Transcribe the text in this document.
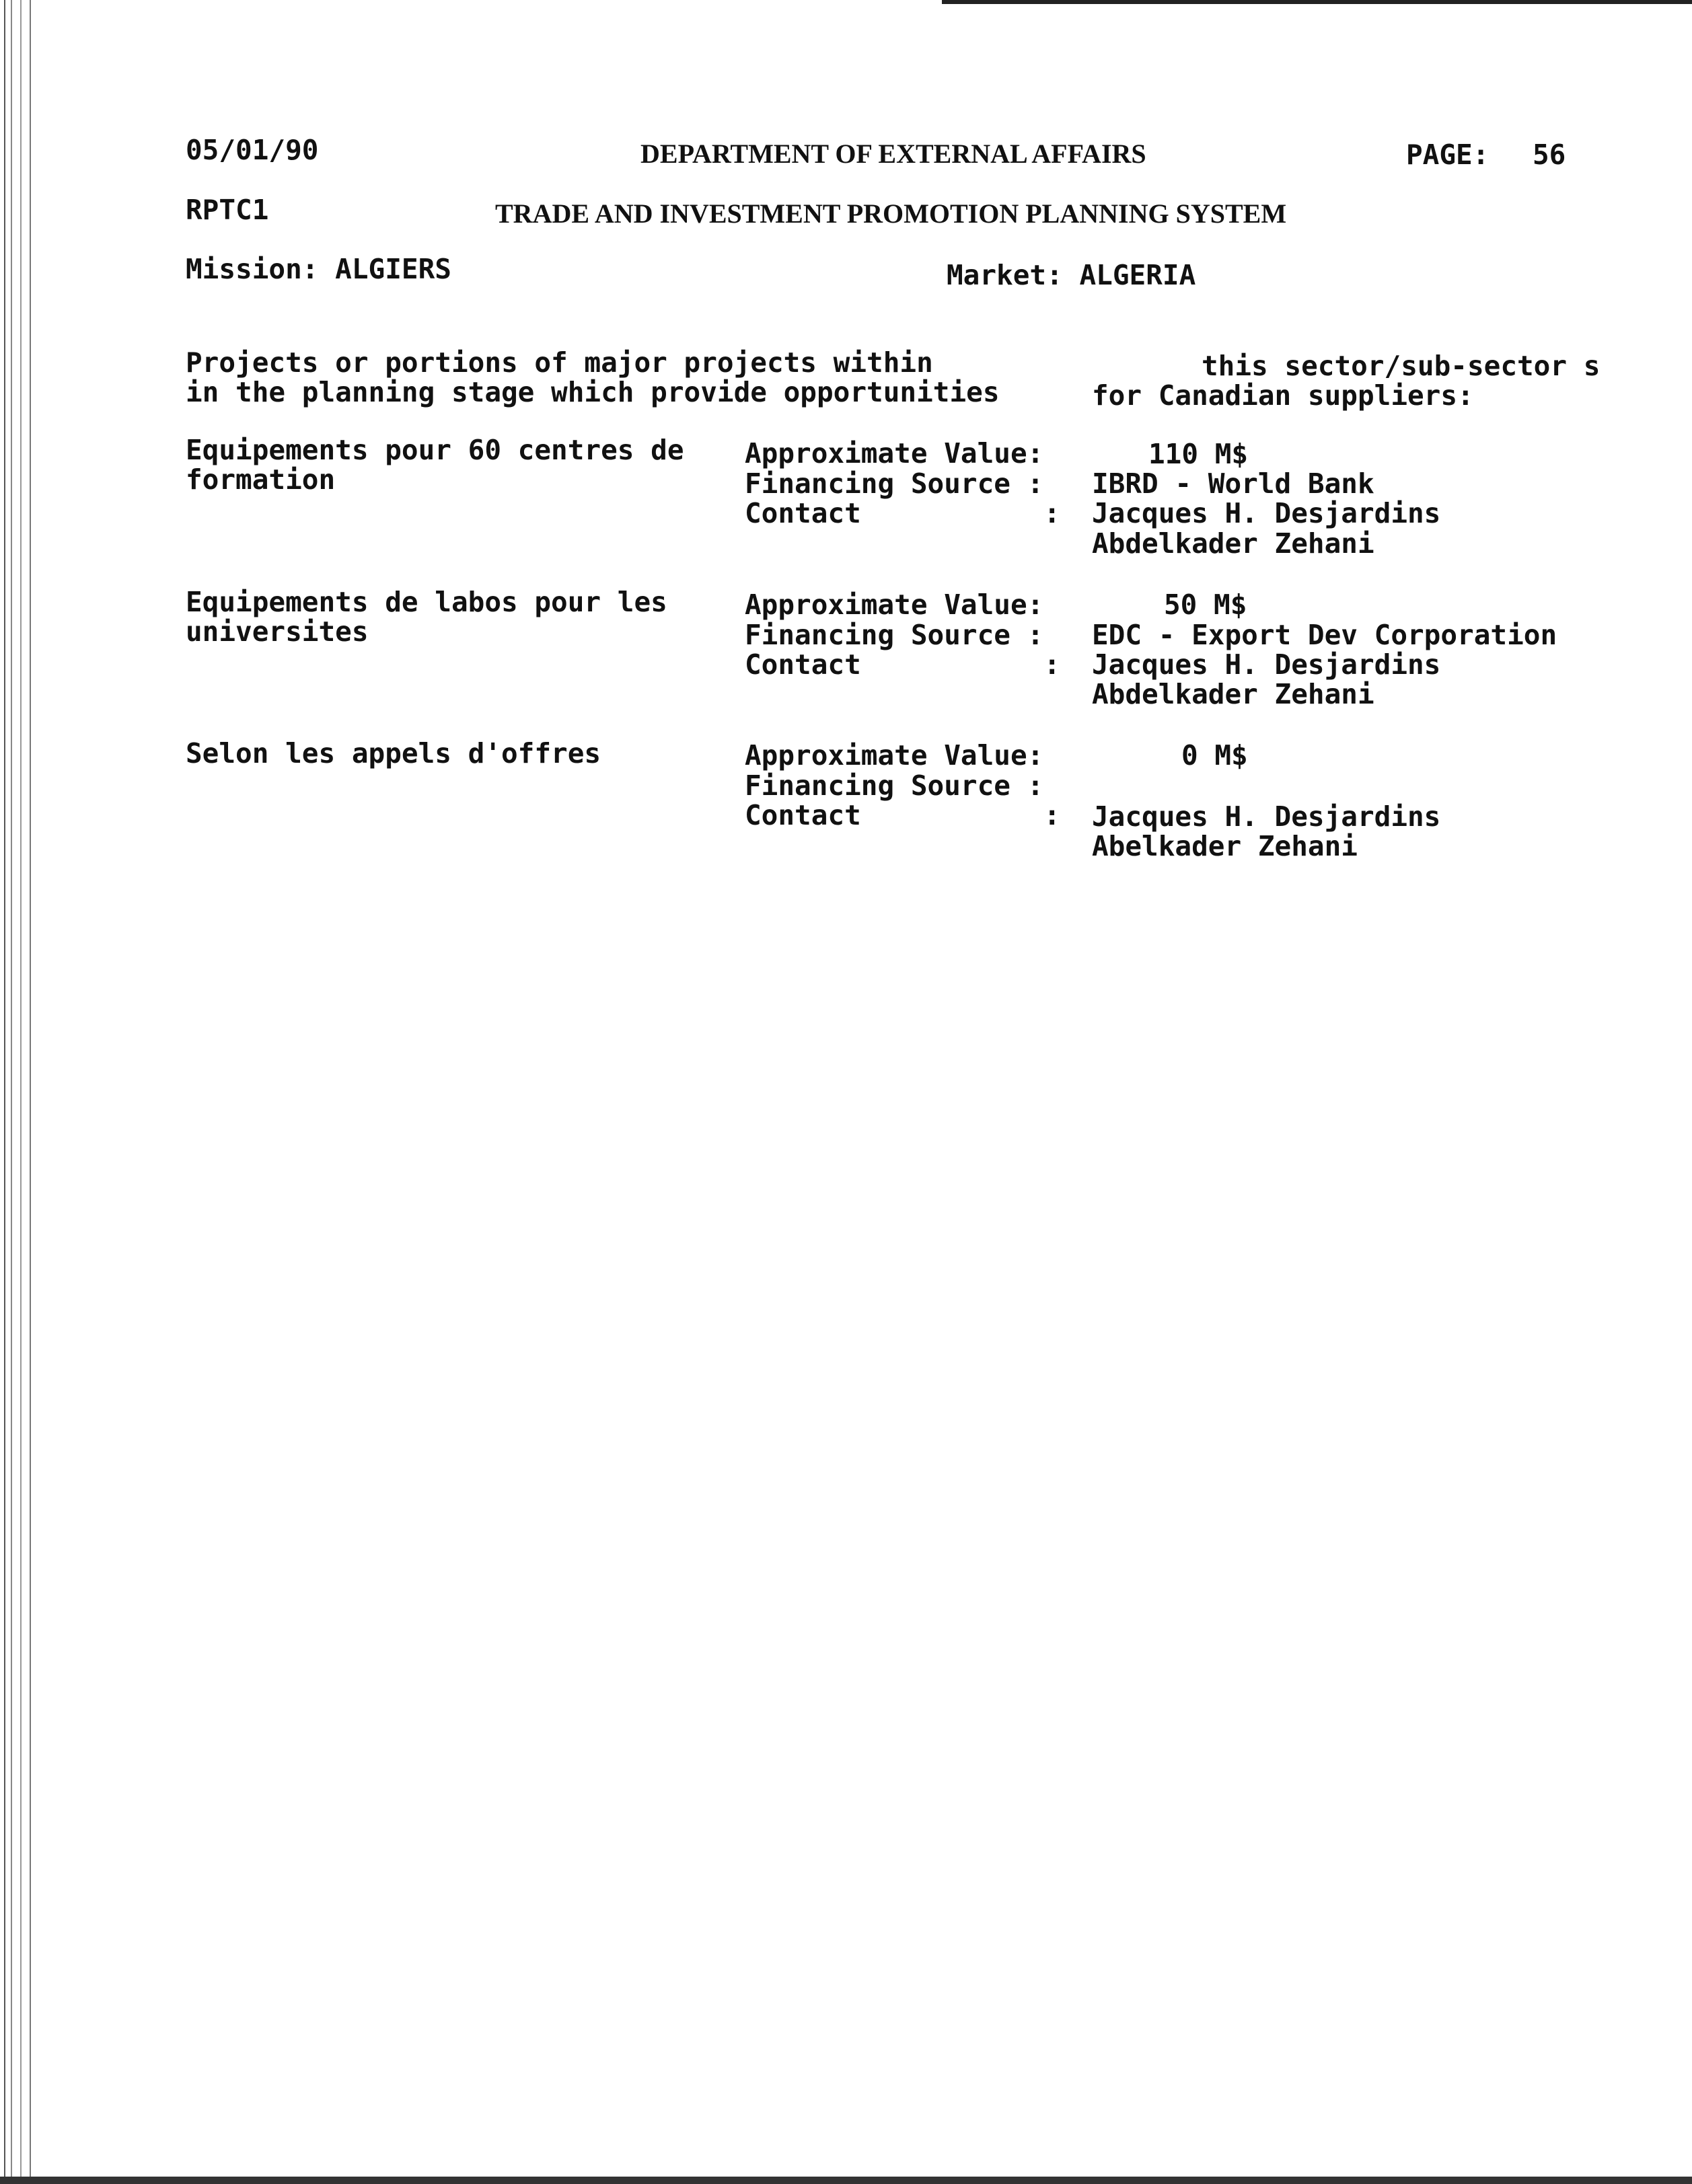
05/01/90	DEPARTMENT OF EXTERNAL AFFAIRS	PAGE: 56
RPTC1	TRADE AND INVESTMENT PROMOTION PLANNING SYSTEM
Mission: ALGIERS	Market: ALGERIA
Projects or portions of major projects within	this sector/sub-sector s
in the planning stage which provide opportunities	for Canadian suppliers:
Equipements pour 60 centres de
formation
Approximate Value:	110 M$
Financing Source : IBRD - World Bank
Contact           : Jacques H. Desjardins
Abdelkader Zehani
Equipements de labos pour les
universites
Approximate Value:	50 M$
Financing Source : EDC - Export Dev Corporation
Contact           : Jacques H. Desjardins
Abdelkader Zehani
Selon les appels d'offres	Approximate Value:	0 M$
Financing Source :
Contact           : Jacques H. Desjardins
Abelkader Zehani
